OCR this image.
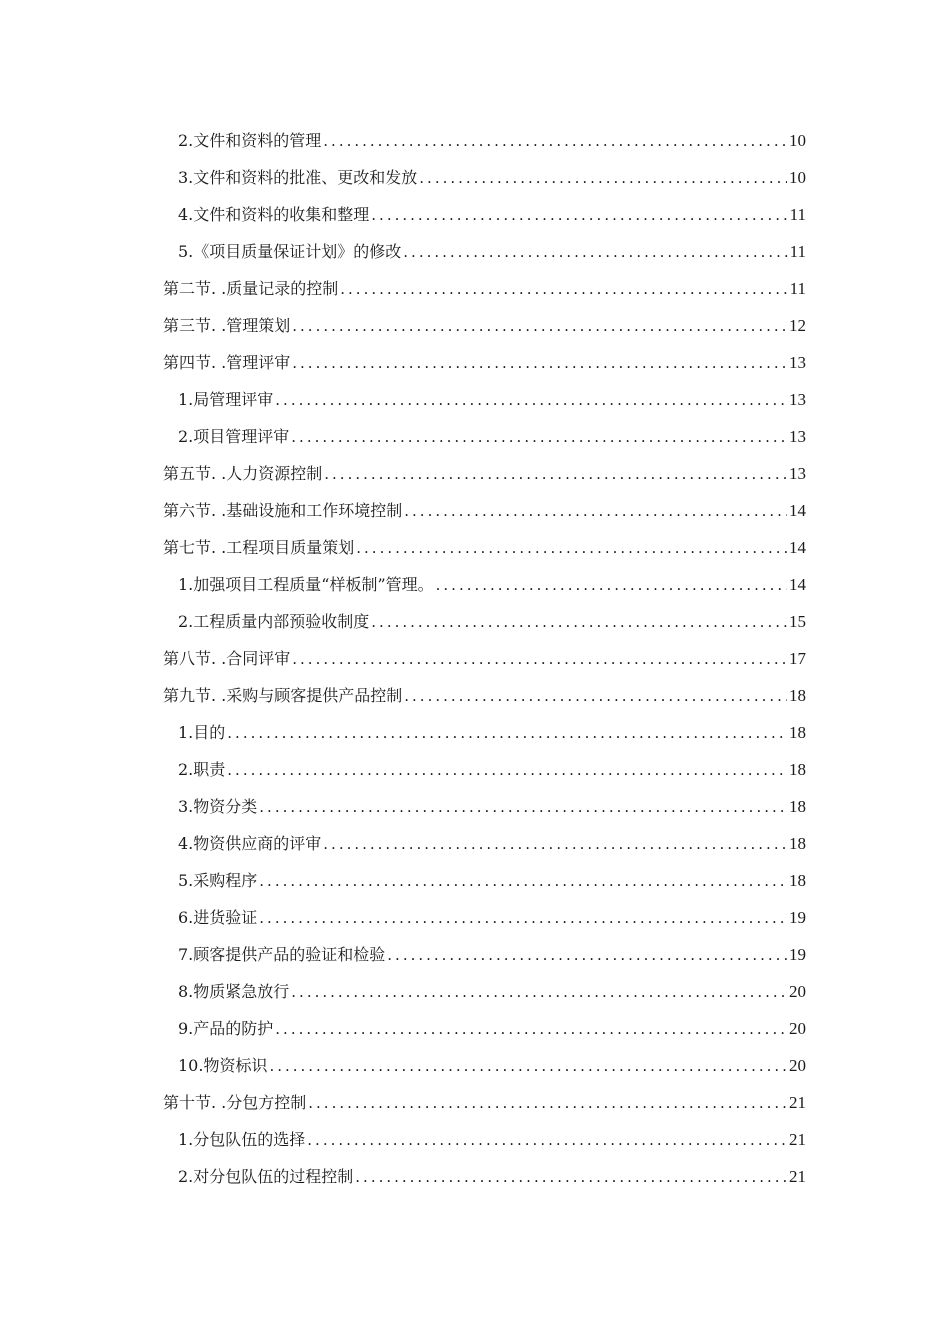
2.文件和资料的管理 .....	10
3.文件和资料的批准、更改和发放 .....	10
4.文件和资料的收集和整理 .....	11
5.《项目质量保证计划》的修改 .....	11
第二节. .质量记录的控制 .....	11
第三节. .管理策划 .....	12
第四节. .管理评审 .....	13
1.局管理评审 .....	13
2.项目管理评审 .....	13
第五节. .人力资源控制 .....	13
第六节. .基础设施和工作环境控制 .....	14
第七节. .工程项目质量策划 .....	14
1.加强项目工程质量“样板制”管理。 .....	14
2.工程质量内部预验收制度 .....	15
第八节. .合同评审 .....	17
第九节. .采购与顾客提供产品控制 .....	18
1.目的 .....	18
2.职责 .....	18
3.物资分类 .....	18
4.物资供应商的评审 .....	18
5.采购程序 .....	18
6.进货验证 .....	19
7.顾客提供产品的验证和检验 .....	19
8.物质紧急放行 .....	20
9.产品的防护 .....	20
10.物资标识 .....	20
第十节. .分包方控制 .....	21
1.分包队伍的选择 .....	21
2.对分包队伍的过程控制 .....	21
